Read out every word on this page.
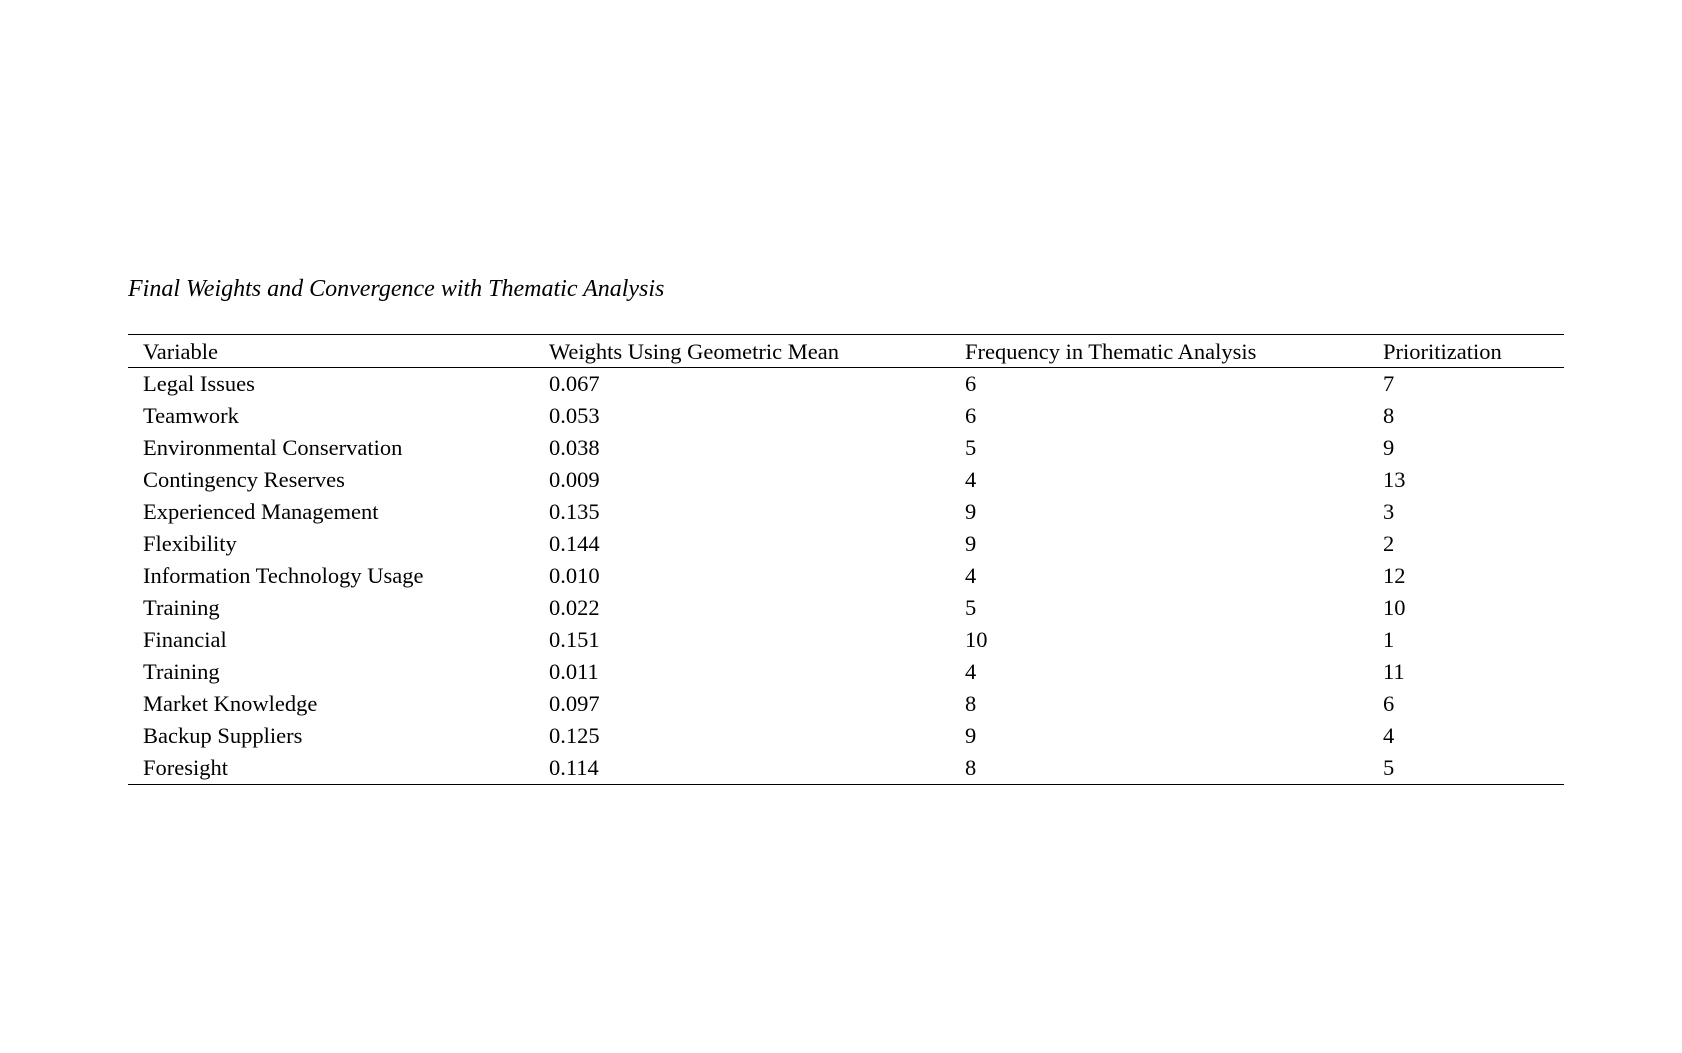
Final Weights and Convergence with Thematic Analysis
Variable	Weights Using Geometric Mean	Frequency in Thematic Analysis	Prioritization
Legal Issues	0.067	6	7
Teamwork	0.053	6	8
Environmental Conservation	0.038	5	9
Contingency Reserves	0.009	4	13
Experienced Management	0.135	9	3
Flexibility	0.144	9	2
Information Technology Usage	0.010	4	12
Training	0.022	5	10
Financial	0.151	10	1
Training	0.011	4	11
Market Knowledge	0.097	8	6
Backup Suppliers	0.125	9	4
Foresight	0.114	8	5
